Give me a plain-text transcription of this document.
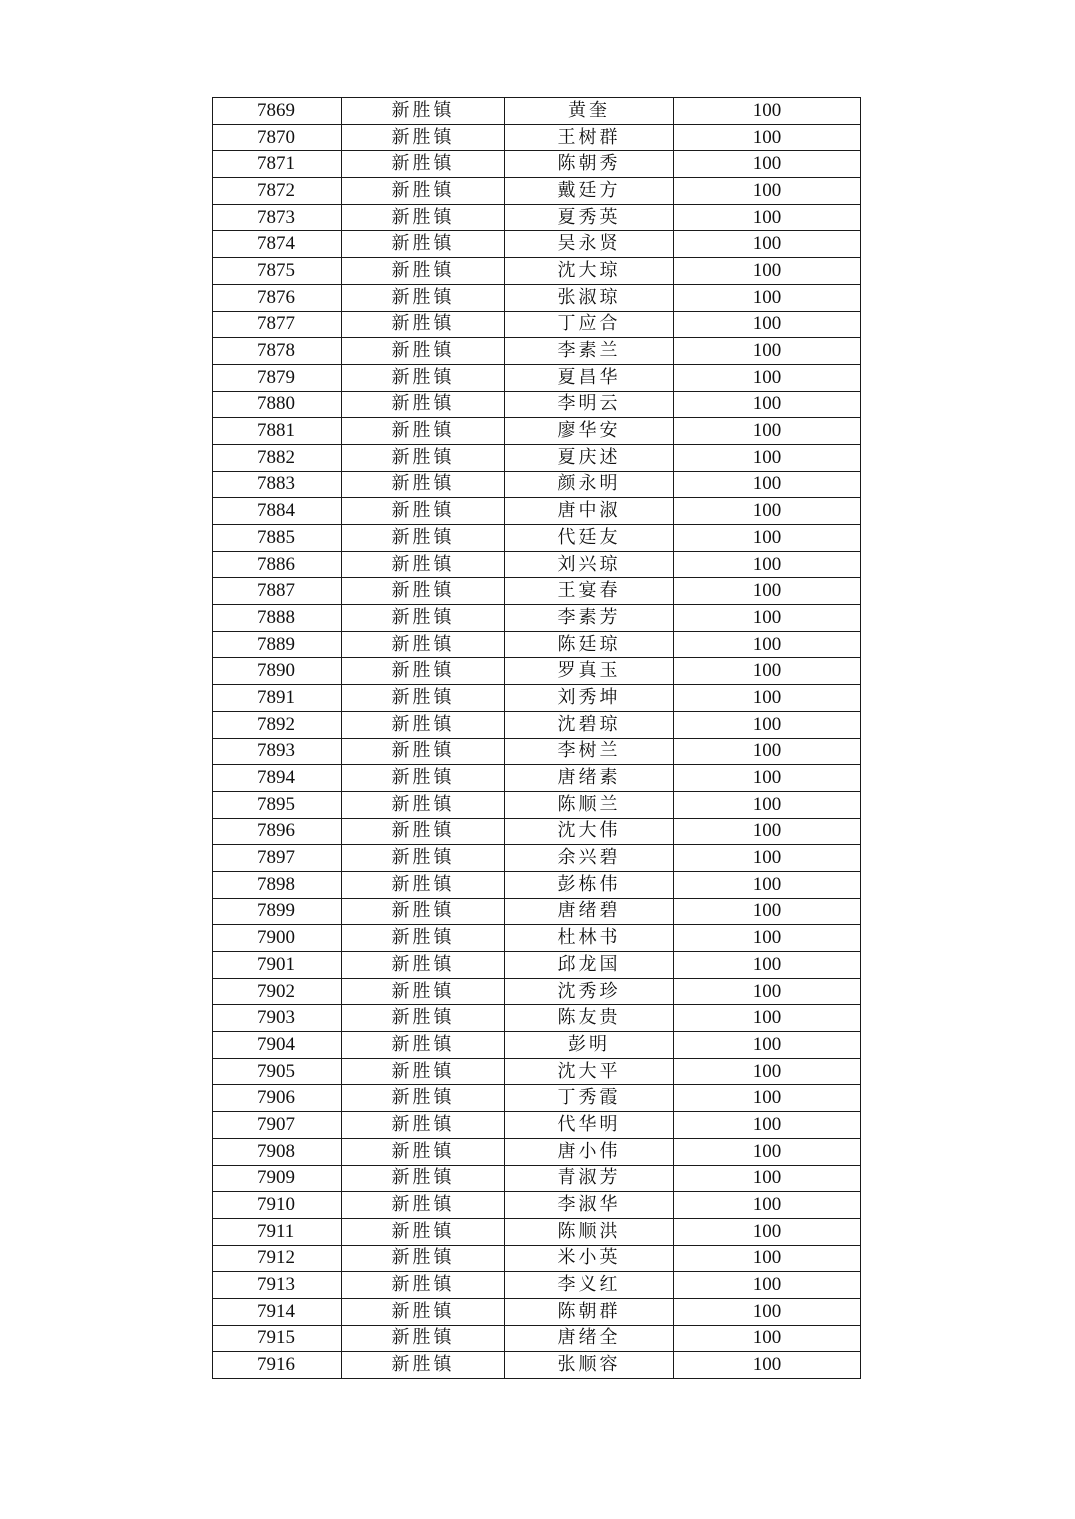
7869	新胜镇	黄奎	100
7870	新胜镇	王树群	100
7871	新胜镇	陈朝秀	100
7872	新胜镇	戴廷方	100
7873	新胜镇	夏秀英	100
7874	新胜镇	吴永贤	100
7875	新胜镇	沈大琼	100
7876	新胜镇	张淑琼	100
7877	新胜镇	丁应合	100
7878	新胜镇	李素兰	100
7879	新胜镇	夏昌华	100
7880	新胜镇	李明云	100
7881	新胜镇	廖华安	100
7882	新胜镇	夏庆述	100
7883	新胜镇	颜永明	100
7884	新胜镇	唐中淑	100
7885	新胜镇	代廷友	100
7886	新胜镇	刘兴琼	100
7887	新胜镇	王宴春	100
7888	新胜镇	李素芳	100
7889	新胜镇	陈廷琼	100
7890	新胜镇	罗真玉	100
7891	新胜镇	刘秀坤	100
7892	新胜镇	沈碧琼	100
7893	新胜镇	李树兰	100
7894	新胜镇	唐绪素	100
7895	新胜镇	陈顺兰	100
7896	新胜镇	沈大伟	100
7897	新胜镇	余兴碧	100
7898	新胜镇	彭栋伟	100
7899	新胜镇	唐绪碧	100
7900	新胜镇	杜林书	100
7901	新胜镇	邱龙国	100
7902	新胜镇	沈秀珍	100
7903	新胜镇	陈友贵	100
7904	新胜镇	彭明	100
7905	新胜镇	沈大平	100
7906	新胜镇	丁秀霞	100
7907	新胜镇	代华明	100
7908	新胜镇	唐小伟	100
7909	新胜镇	青淑芳	100
7910	新胜镇	李淑华	100
7911	新胜镇	陈顺洪	100
7912	新胜镇	米小英	100
7913	新胜镇	李义红	100
7914	新胜镇	陈朝群	100
7915	新胜镇	唐绪全	100
7916	新胜镇	张顺容	100
